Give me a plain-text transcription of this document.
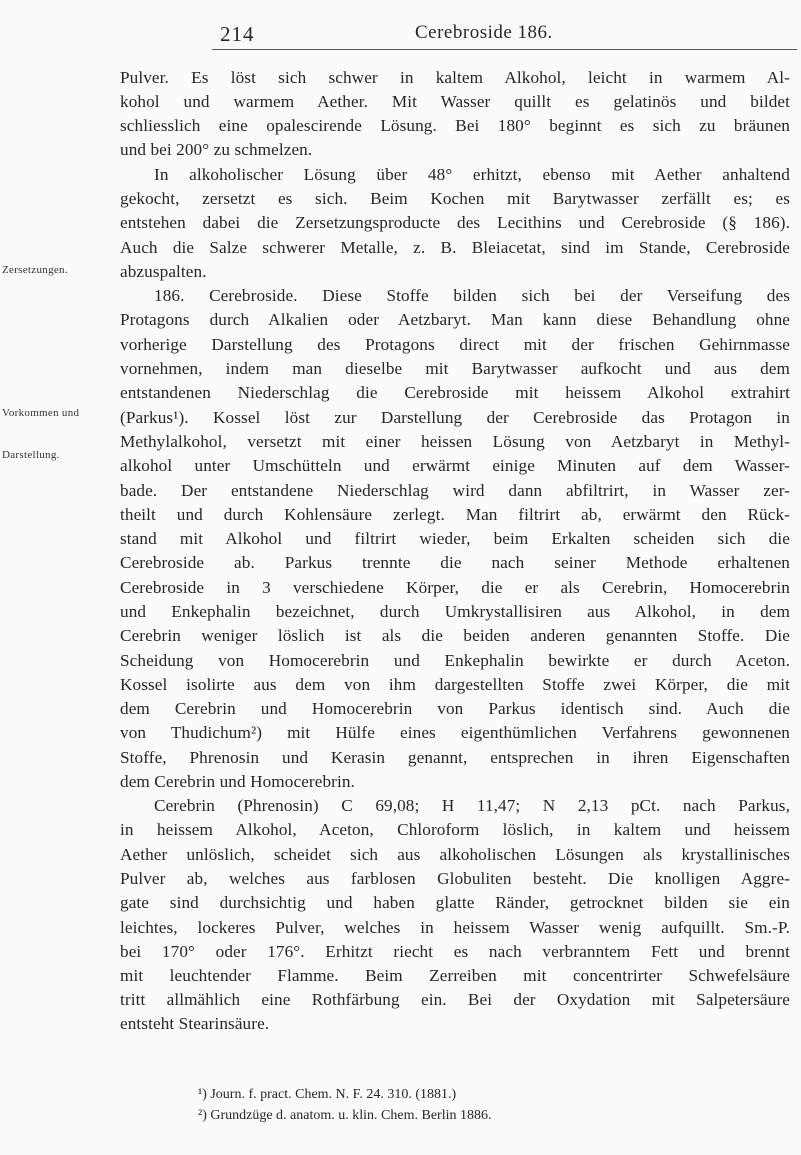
214	Cerebroside 186.
Zersetzungen.

Vorkommen und

Darstellung.

Pulver. Es löst sich schwer in kaltem Alkohol, leicht in warmem Al-
kohol und warmem Aether. Mit Wasser quillt es gelatinös und bildet
schliesslich eine opalescirende Lösung. Bei 180° beginnt es sich zu bräunen
und bei 200° zu schmelzen.
In alkoholischer Lösung über 48° erhitzt, ebenso mit Aether anhaltend
gekocht, zersetzt es sich. Beim Kochen mit Barytwasser zerfällt es; es
entstehen dabei die Zersetzungsproducte des Lecithins und Cerebroside (§ 186).
Auch die Salze schwerer Metalle, z. B. Bleiacetat, sind im Stande, Cerebroside
abzuspalten.
186. Cerebroside. Diese Stoffe bilden sich bei der Verseifung des
Protagons durch Alkalien oder Aetzbaryt. Man kann diese Behandlung ohne
vorherige Darstellung des Protagons direct mit der frischen Gehirnmasse
vornehmen, indem man dieselbe mit Barytwasser aufkocht und aus dem
entstandenen Niederschlag die Cerebroside mit heissem Alkohol extrahirt
(Parkus¹). Kossel löst zur Darstellung der Cerebroside das Protagon in
Methylalkohol, versetzt mit einer heissen Lösung von Aetzbaryt in Methyl-
alkohol unter Umschütteln und erwärmt einige Minuten auf dem Wasser-
bade. Der entstandene Niederschlag wird dann abfiltrirt, in Wasser zer-
theilt und durch Kohlensäure zerlegt. Man filtrirt ab, erwärmt den Rück-
stand mit Alkohol und filtrirt wieder, beim Erkalten scheiden sich die
Cerebroside ab. Parkus trennte die nach seiner Methode erhaltenen
Cerebroside in 3 verschiedene Körper, die er als Cerebrin, Homocerebrin
und Enkephalin bezeichnet, durch Umkrystallisiren aus Alkohol, in dem
Cerebrin weniger löslich ist als die beiden anderen genannten Stoffe. Die
Scheidung von Homocerebrin und Enkephalin bewirkte er durch Aceton.
Kossel isolirte aus dem von ihm dargestellten Stoffe zwei Körper, die mit
dem Cerebrin und Homocerebrin von Parkus identisch sind. Auch die
von Thudichum²) mit Hülfe eines eigenthümlichen Verfahrens gewonnenen
Stoffe, Phrenosin und Kerasin genannt, entsprechen in ihren Eigenschaften
dem Cerebrin und Homocerebrin.
Cerebrin (Phrenosin) C 69,08; H 11,47; N 2,13 pCt. nach Parkus,
in heissem Alkohol, Aceton, Chloroform löslich, in kaltem und heissem
Aether unlöslich, scheidet sich aus alkoholischen Lösungen als krystallinisches
Pulver ab, welches aus farblosen Globuliten besteht. Die knolligen Aggre-
gate sind durchsichtig und haben glatte Ränder, getrocknet bilden sie ein
leichtes, lockeres Pulver, welches in heissem Wasser wenig aufquillt. Sm.-P.
bei 170° oder 176°. Erhitzt riecht es nach verbranntem Fett und brennt
mit leuchtender Flamme. Beim Zerreiben mit concentrirter Schwefelsäure
tritt allmählich eine Rothfärbung ein. Bei der Oxydation mit Salpetersäure
entsteht Stearinsäure.
¹) Journ. f. pract. Chem. N. F. 24. 310. (1881.)
²) Grundzüge d. anatom. u. klin. Chem. Berlin 1886.
